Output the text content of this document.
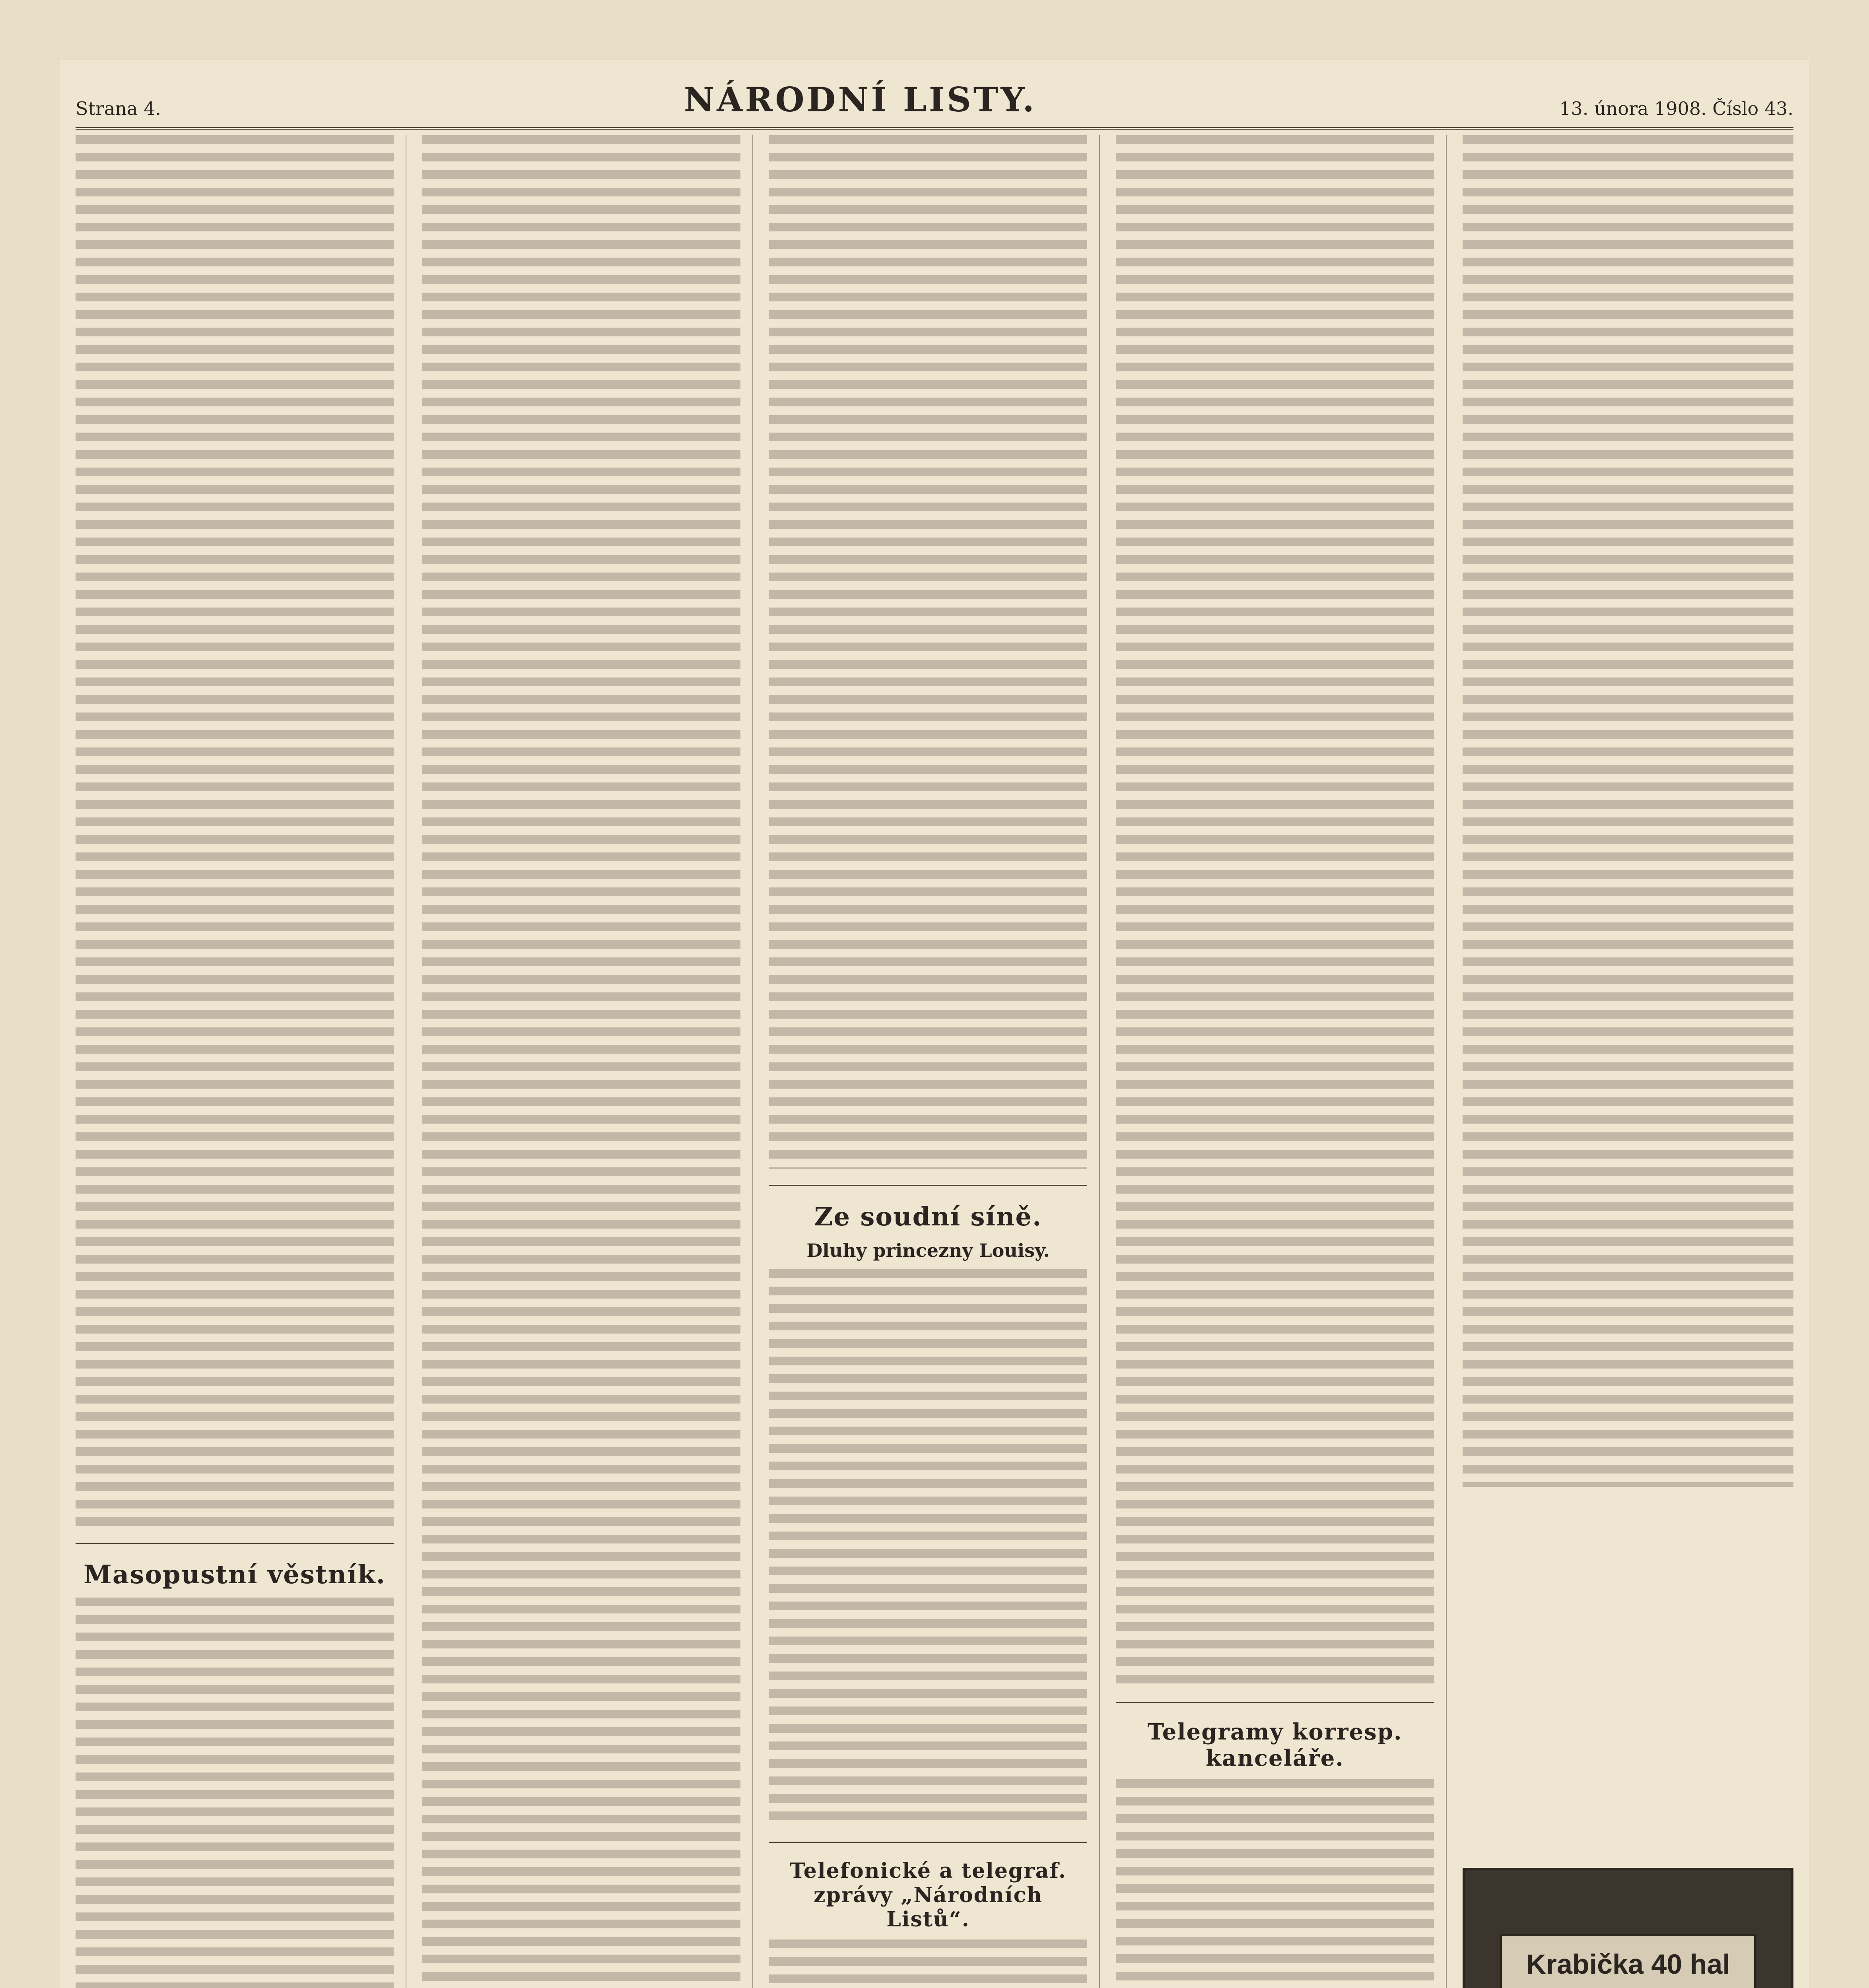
Strana 4.	NÁRODNÍ LISTY.	13. února 1908. Číslo 43.
Masopustní věstník.
Ze soudní síně.
Dluhy princezny Louisy.
Telefonické a telegraf. zprávy „Národních Listů“.
Telegramy korresp. kanceláře.
Krabička 40 hal
